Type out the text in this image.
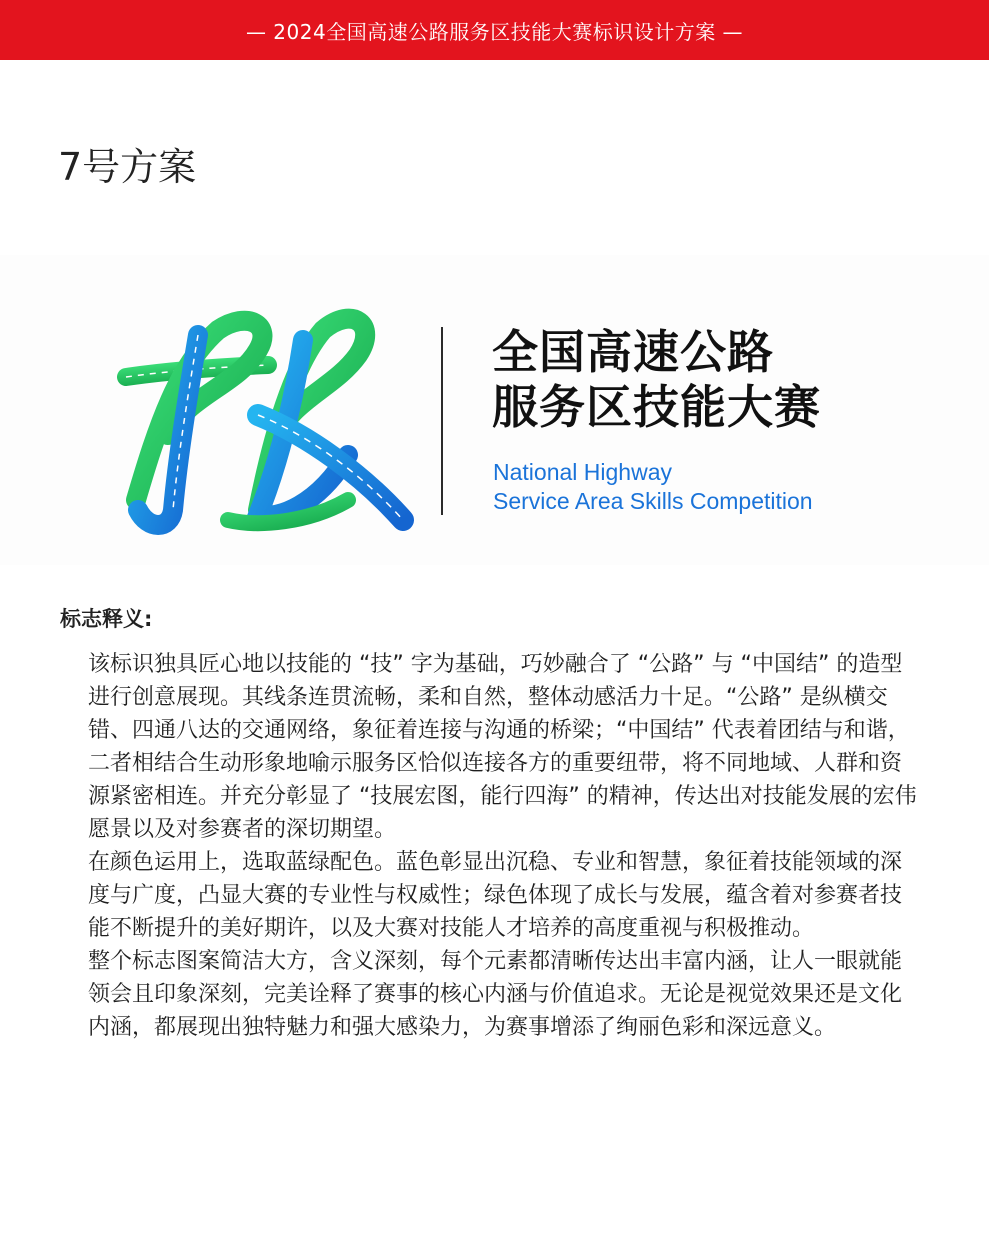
— 2024全国高速公路服务区技能大赛标识设计方案 —
7号方案
全国高速公路
服务区技能大赛
National Highway
Service Area Skills Competition
标志释义:

该标识独具匠心地以技能的 “技” 字为基础，巧妙融合了 “公路” 与 “中国结” 的造型进行创意展现。其线条连贯流畅，柔和自然，整体动感活力十足。“公路” 是纵横交错、四通八达的交通网络，象征着连接与沟通的桥梁；“中国结” 代表着团结与和谐，二者相结合生动形象地喻示服务区恰似连接各方的重要纽带，将不同地域、人群和资源紧密相连。并充分彰显了 “技展宏图，能行四海” 的精神，传达出对技能发展的宏伟愿景以及对参赛者的深切期望。

在颜色运用上，选取蓝绿配色。蓝色彰显出沉稳、专业和智慧，象征着技能领域的深度与广度，凸显大赛的专业性与权威性；绿色体现了成长与发展，蕴含着对参赛者技能不断提升的美好期许，以及大赛对技能人才培养的高度重视与积极推动。

整个标志图案简洁大方，含义深刻，每个元素都清晰传达出丰富内涵，让人一眼就能领会且印象深刻，完美诠释了赛事的核心内涵与价值追求。无论是视觉效果还是文化内涵，都展现出独特魅力和强大感染力，为赛事增添了绚丽色彩和深远意义。
